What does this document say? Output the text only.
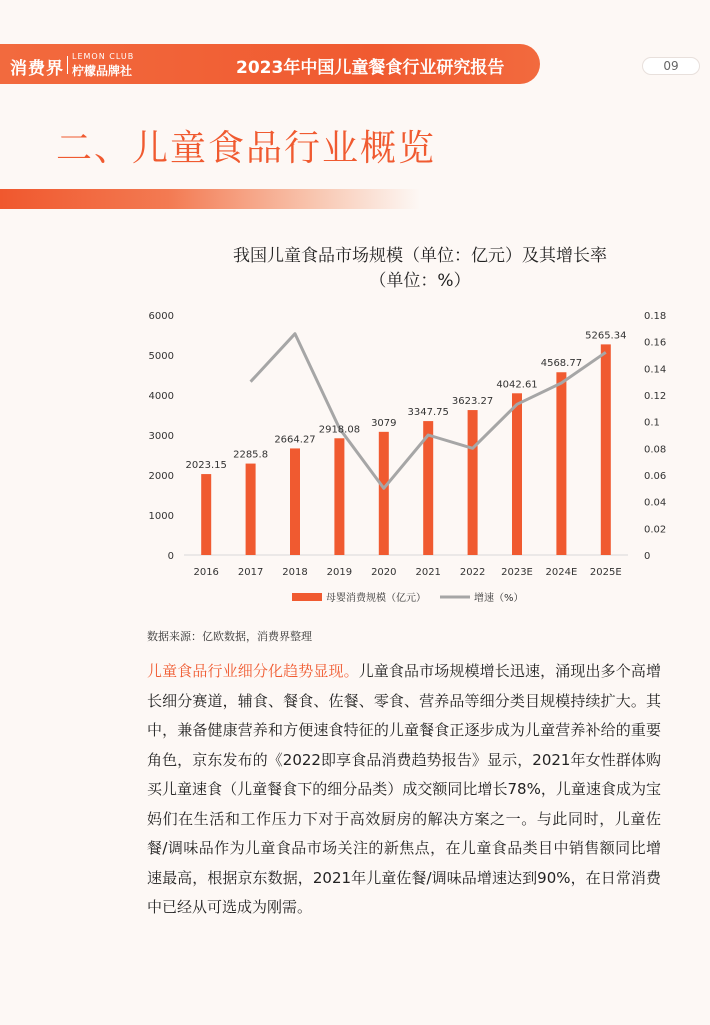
消费界
LEMON CLUB
柠檬品牌社	2023年中国儿童餐食行业研究报告	09
二、儿童食品行业概览
我国儿童食品市场规模（单位：亿元）及其增长率
（单位：%）
0
1000
2000
3000
4000
5000
6000
0
0.02
0.04
0.06
0.08
0.1
0.12
0.14
0.16
0.18
2023.15
2285.8
2664.27
2918.08
3079
3347.75
3623.27
4042.61
4568.77
5265.34
2016 2017 2018 2019 2020 2021 2022 2023E 2024E 2025E
母婴消费规模（亿元）	增速（%）
数据来源：亿欧数据，消费界整理
儿童食品行业细分化趋势显现。儿童食品市场规模增长迅速，涌现出多个高增长细分赛道，辅食、餐食、佐餐、零食、营养品等细分类目规模持续扩大。其中，兼备健康营养和方便速食特征的儿童餐食正逐步成为儿童营养补给的重要角色，京东发布的《2022即享食品消费趋势报告》显示，2021年女性群体购买儿童速食（儿童餐食下的细分品类）成交额同比增长78%，儿童速食成为宝妈们在生活和工作压力下对于高效厨房的解决方案之一。与此同时，儿童佐餐/调味品作为儿童食品市场关注的新焦点，在儿童食品类目中销售额同比增速最高，根据京东数据，2021年儿童佐餐/调味品增速达到90%，在日常消费中已经从可选成为刚需。
